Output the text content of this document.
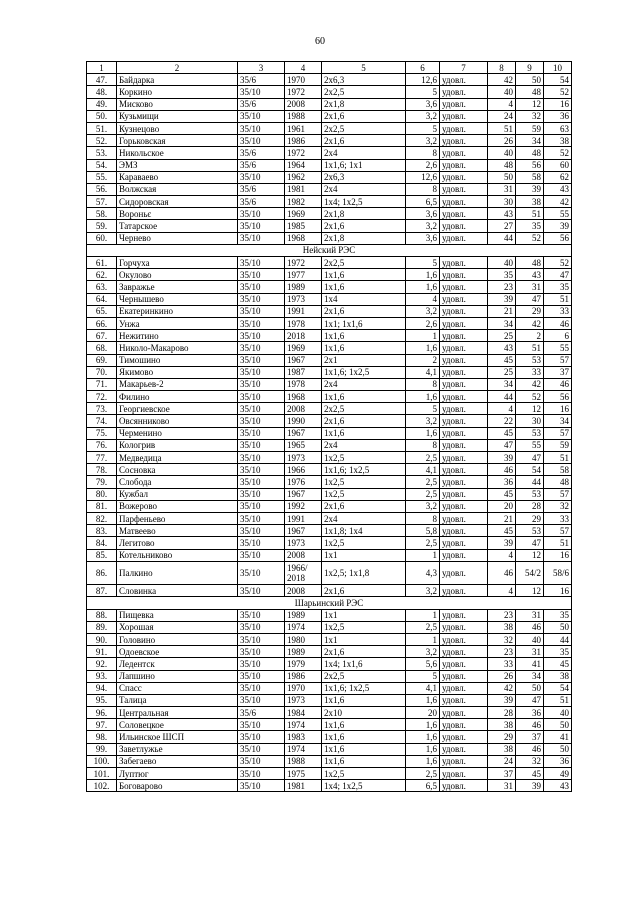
60
1	2	3	4	5	6	7	8	9	10
47.	Байдарка	35/6	1970	2х6,3	12,6	удовл.	42	50	54
48.	Коркино	35/10	1972	2х2,5	5	удовл.	40	48	52
49.	Мисково	35/6	2008	2х1,8	3,6	удовл.	4	12	16
50.	Кузьмищи	35/10	1988	2х1,6	3,2	удовл.	24	32	36
51.	Кузнецово	35/10	1961	2х2,5	5	удовл.	51	59	63
52.	Горьковская	35/10	1986	2х1,6	3,2	удовл.	26	34	38
53.	Никольское	35/6	1972	2х4	8	удовл.	40	48	52
54.	ЭМЗ	35/6	1964	1х1,6; 1х1	2,6	удовл.	48	56	60
55.	Караваево	35/10	1962	2х6,3	12,6	удовл.	50	58	62
56.	Волжская	35/6	1981	2х4	8	удовл.	31	39	43
57.	Сидоровская	35/6	1982	1х4; 1х2,5	6,5	удовл.	30	38	42
58.	Вороньє	35/10	1969	2х1,8	3,6	удовл.	43	51	55
59.	Татарское	35/10	1985	2х1,6	3,2	удовл.	27	35	39
60.	Чернево	35/10	1968	2х1,8	3,6	удовл.	44	52	56
Нейский РЭС									
61.	Горчуха	35/10	1972	2х2,5	5	удовл.	40	48	52
62.	Окулово	35/10	1977	1х1,6	1,6	удовл.	35	43	47
63.	Завражье	35/10	1989	1х1,6	1,6	удовл.	23	31	35
64.	Чернышево	35/10	1973	1х4	4	удовл.	39	47	51
65.	Екатеринкино	35/10	1991	2х1,6	3,2	удовл.	21	29	33
66.	Унжа	35/10	1978	1х1; 1х1,6	2,6	удовл.	34	42	46
67.	Нежитино	35/10	2018	1х1,6	1	удовл.	25	2	6
68.	Николо-Макарово	35/10	1969	1х1,6	1,6	удовл.	43	51	55
69.	Тимошино	35/10	1967	2х1	2	удовл.	45	53	57
70.	Якимово	35/10	1987	1х1,6; 1х2,5	4,1	удовл.	25	33	37
71.	Макарьев-2	35/10	1978	2х4	8	удовл.	34	42	46
72.	Филино	35/10	1968	1х1,6	1,6	удовл.	44	52	56
73.	Георгиевское	35/10	2008	2х2,5	5	удовл.	4	12	16
74.	Овсянниково	35/10	1990	2х1,6	3,2	удовл.	22	30	34
75.	Черменино	35/10	1967	1х1,6	1,6	удовл.	45	53	57
76.	Кологрив	35/10	1965	2х4	8	удовл.	47	55	59
77.	Медведица	35/10	1973	1х2,5	2,5	удовл.	39	47	51
78.	Сосновка	35/10	1966	1х1,6; 1х2,5	4,1	удовл.	46	54	58
79.	Слобода	35/10	1976	1х2,5	2,5	удовл.	36	44	48
80.	Кужбал	35/10	1967	1х2,5	2,5	удовл.	45	53	57
81.	Вожерово	35/10	1992	2х1,6	3,2	удовл.	20	28	32
82.	Парфеньево	35/10	1991	2х4	8	удовл.	21	29	33
83.	Матвеево	35/10	1967	1х1,8; 1х4	5,8	удовл.	45	53	57
84.	Легитово	35/10	1973	1х2,5	2,5	удовл.	39	47	51
85.	Котельниково	35/10	2008	1х1	1	удовл.	4	12	16
86.	Палкино	35/10	1966/ 2018	1х2,5; 1х1,8	4,3	удовл.	46	54/2	58/6
87.	Словинка	35/10	2008	2х1,6	3,2	удовл.	4	12	16
Шарьинский РЭС									
88.	Пищевка	35/10	1989	1х1	1	удовл.	23	31	35
89.	Хорошая	35/10	1974	1х2,5	2,5	удовл.	38	46	50
90.	Головино	35/10	1980	1х1	1	удовл.	32	40	44
91.	Одоевское	35/10	1989	2х1,6	3,2	удовл.	23	31	35
92.	Ледентск	35/10	1979	1х4; 1х1,6	5,6	удовл.	33	41	45
93.	Лапшино	35/10	1986	2х2,5	5	удовл.	26	34	38
94.	Спасс	35/10	1970	1х1,6; 1х2,5	4,1	удовл.	42	50	54
95.	Талица	35/10	1973	1х1,6	1,6	удовл.	39	47	51
96.	Центральная	35/6	1984	2х10	20	удовл.	28	36	40
97.	Соловецкое	35/10	1974	1х1,6	1,6	удовл.	38	46	50
98.	Ильинское ШСП	35/10	1983	1х1,6	1,6	удовл.	29	37	41
99.	Заветлужье	35/10	1974	1х1,6	1,6	удовл.	38	46	50
100.	Забегаево	35/10	1988	1х1,6	1,6	удовл.	24	32	36
101.	Луптюг	35/10	1975	1х2,5	2,5	удовл.	37	45	49
102.	Боговарово	35/10	1981	1х4; 1х2,5	6,5	удовл.	31	39	43
